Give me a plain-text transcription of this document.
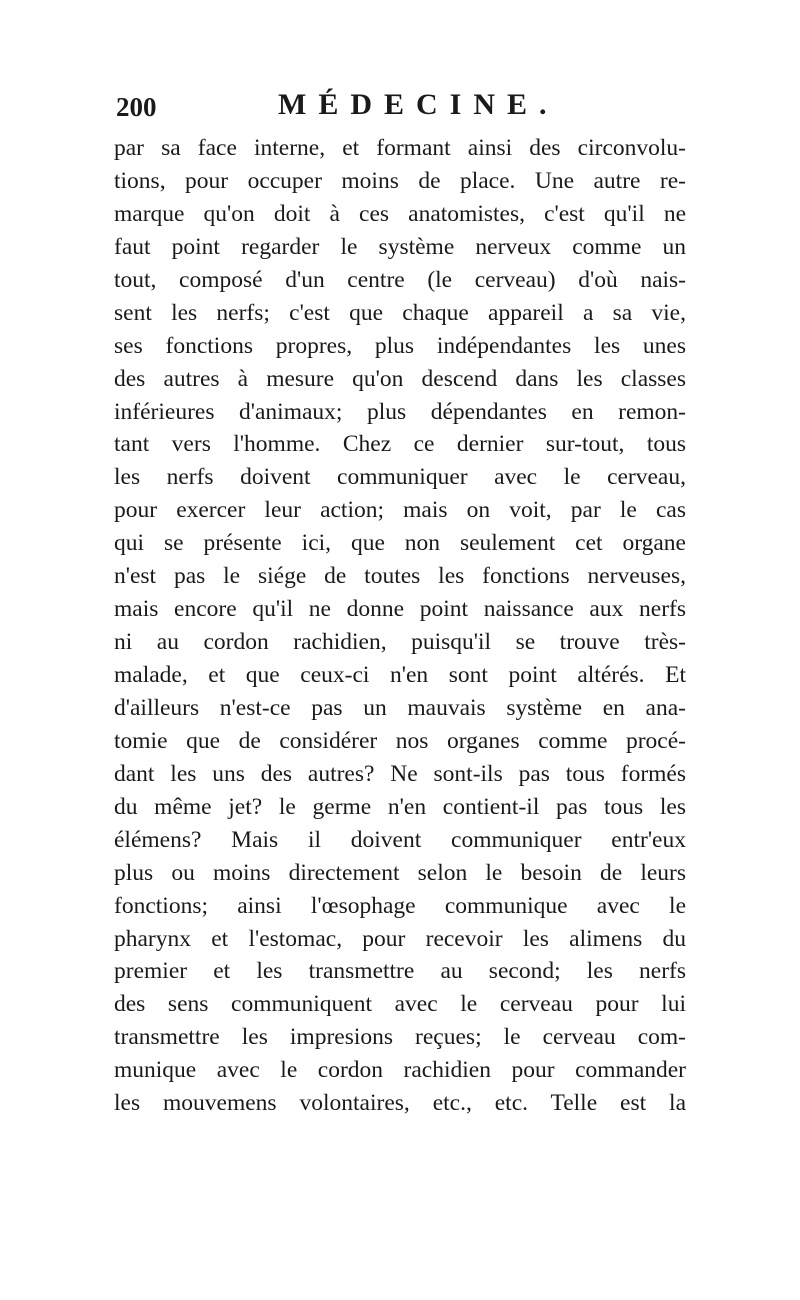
200	MÉDECINE.
par sa face interne, et formant ainsi des circonvolu-
tions, pour occuper moins de place. Une autre re-
marque qu'on doit à ces anatomistes, c'est qu'il ne
faut point regarder le système nerveux comme un
tout, composé d'un centre (le cerveau) d'où nais-
sent les nerfs; c'est que chaque appareil a sa vie,
ses fonctions propres, plus indépendantes les unes
des autres à mesure qu'on descend dans les classes
inférieures d'animaux; plus dépendantes en remon-
tant vers l'homme. Chez ce dernier sur-tout, tous
les nerfs doivent communiquer avec le cerveau,
pour exercer leur action; mais on voit, par le cas
qui se présente ici, que non seulement cet organe
n'est pas le siége de toutes les fonctions nerveuses,
mais encore qu'il ne donne point naissance aux nerfs
ni au cordon rachidien, puisqu'il se trouve très-
malade, et que ceux-ci n'en sont point altérés. Et
d'ailleurs n'est-ce pas un mauvais système en ana-
tomie que de considérer nos organes comme procé-
dant les uns des autres? Ne sont-ils pas tous formés
du même jet? le germe n'en contient-il pas tous les
élémens? Mais il doivent communiquer entr'eux
plus ou moins directement selon le besoin de leurs
fonctions; ainsi l'œsophage communique avec le
pharynx et l'estomac, pour recevoir les alimens du
premier et les transmettre au second; les nerfs
des sens communiquent avec le cerveau pour lui
transmettre les impresions reçues; le cerveau com-
munique avec le cordon rachidien pour commander
les mouvemens volontaires, etc., etc. Telle est la
